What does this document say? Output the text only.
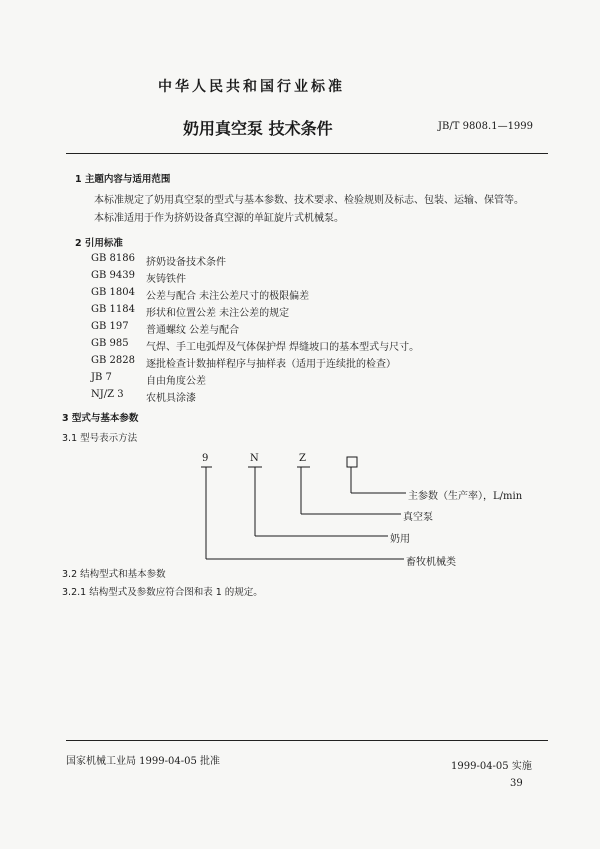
中华人民共和国行业标准
奶用真空泵 技术条件	JB/T 9808.1—1999
1 主题内容与适用范围
本标准规定了奶用真空泵的型式与基本参数、技术要求、检验规则及标志、包装、运输、保管等。
本标准适用于作为挤奶设备真空源的单缸旋片式机械泵。
2 引用标准
GB 8186 挤奶设备技术条件
GB 9439 灰铸铁件
GB 1804 公差与配合 未注公差尺寸的极限偏差
GB 1184 形状和位置公差 未注公差的规定
GB 197 普通螺纹 公差与配合
GB 985 气焊、手工电弧焊及气体保护焊 焊缝坡口的基本型式与尺寸。
GB 2828 逐批检查计数抽样程序与抽样表（适用于连续批的检查）
JB 7	自由角度公差
NJ/Z 3 农机具涂漆
3 型式与基本参数
3.1 型号表示方法
9	N	Z
主参数（生产率），L/min
真空泵
奶用
畜牧机械类
3.2 结构型式和基本参数
3.2.1 结构型式及参数应符合图和表 1 的规定。
国家机械工业局 1999-04-05 批准	1999-04-05 实施
39
